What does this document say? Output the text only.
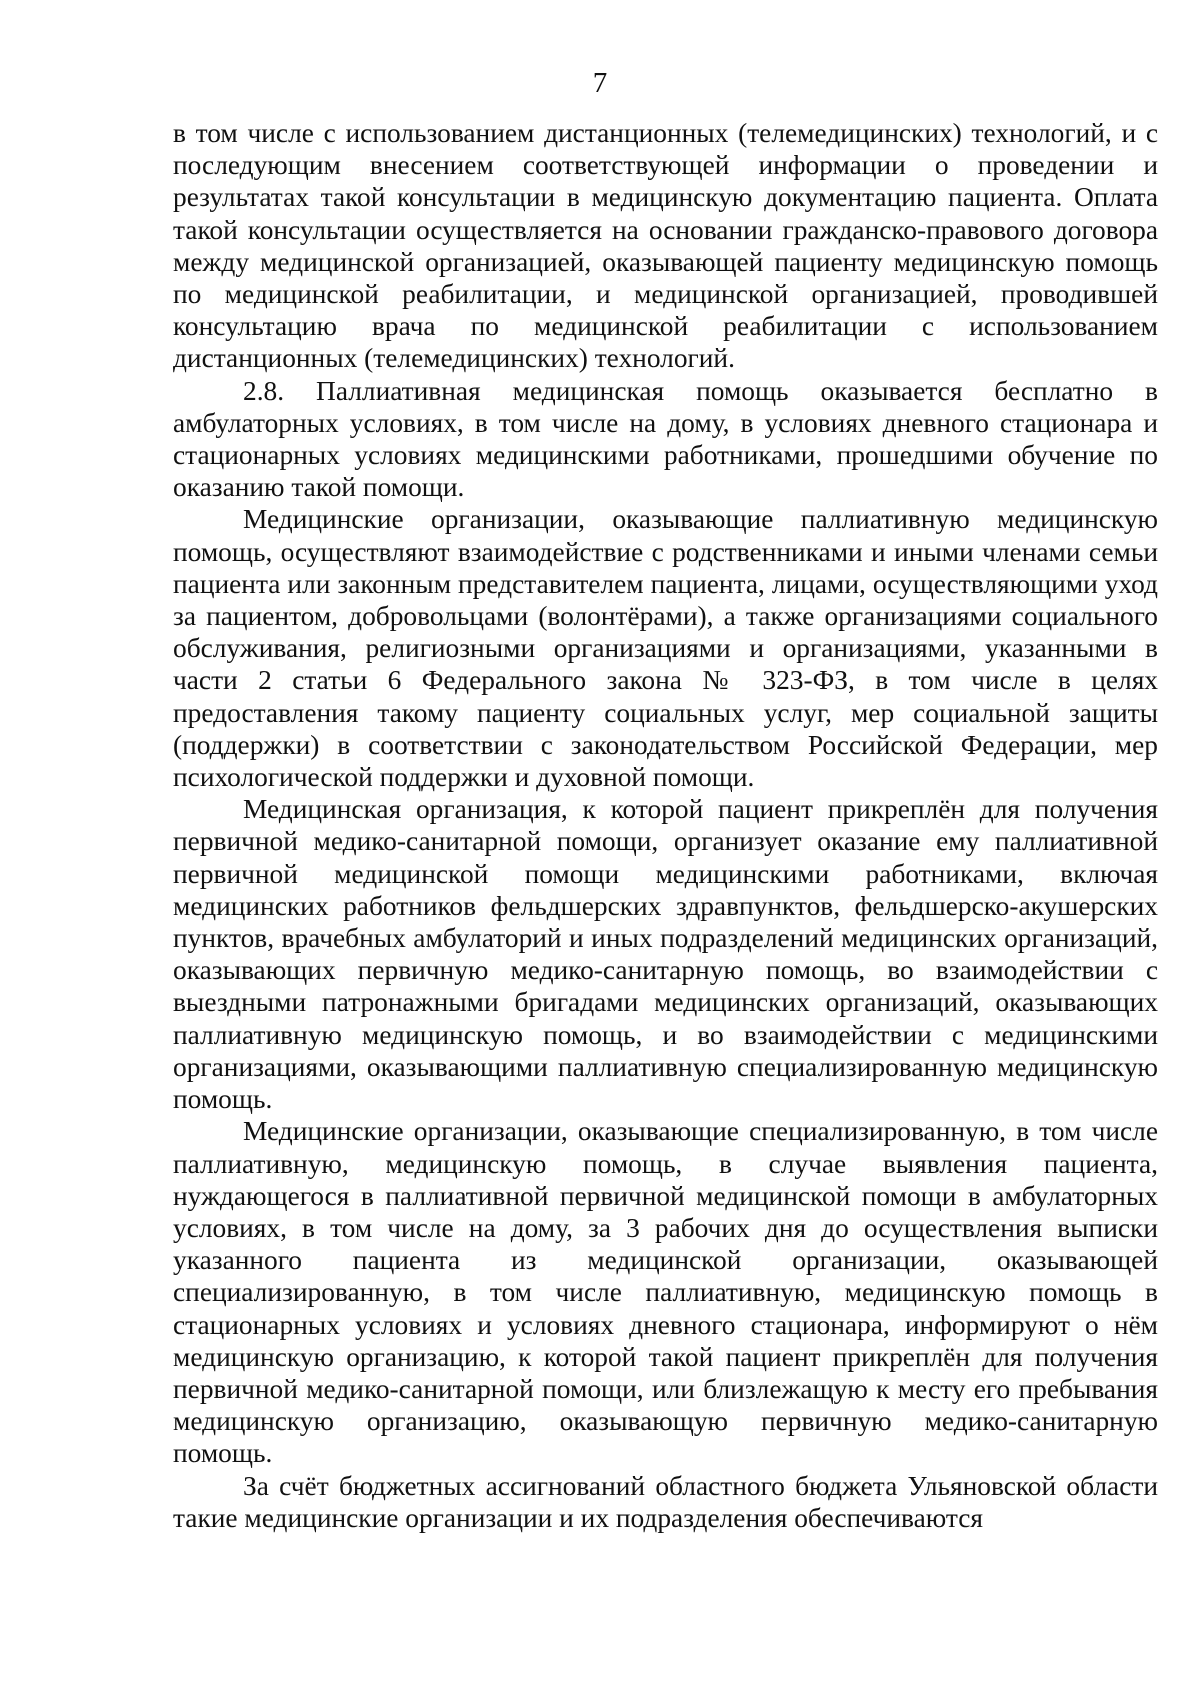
7

в том числе с использованием дистанционных (телемедицинских) технологий, и с последующим внесением соответствующей информации о проведении и результатах такой консультации в медицинскую документацию пациента. Оплата такой консультации осуществляется на основании гражданско-правового договора между медицинской организацией, оказывающей пациенту медицинскую помощь по медицинской реабилитации, и медицинской организацией, проводившей консультацию врача по медицинской реабилитации с использованием дистанционных (телемедицинских) технологий.

2.8. Паллиативная медицинская помощь оказывается бесплатно в амбулаторных условиях, в том числе на дому, в условиях дневного стационара и стационарных условиях медицинскими работниками, прошедшими обучение по оказанию такой помощи.

Медицинские организации, оказывающие паллиативную медицинскую помощь, осуществляют взаимодействие с родственниками и иными членами семьи пациента или законным представителем пациента, лицами, осуществляющими уход за пациентом, добровольцами (волонтёрами), а также организациями социального обслуживания, религиозными организациями и организациями, указанными в части 2 статьи 6 Федерального закона № 323-ФЗ, в том числе в целях предоставления такому пациенту социальных услуг, мер социальной защиты (поддержки) в соответствии с законодательством Российской Федерации, мер психологической поддержки и духовной помощи.

Медицинская организация, к которой пациент прикреплён для получения первичной медико-санитарной помощи, организует оказание ему паллиативной первичной медицинской помощи медицинскими работниками, включая медицинских работников фельдшерских здравпунктов, фельдшерско-акушерских пунктов, врачебных амбулаторий и иных подразделений медицинских организаций, оказывающих первичную медико-санитарную помощь, во взаимодействии с выездными патронажными бригадами медицинских организаций, оказывающих паллиативную медицинскую помощь, и во взаимодействии с медицинскими организациями, оказывающими паллиативную специализированную медицинскую помощь.

Медицинские организации, оказывающие специализированную, в том числе паллиативную, медицинскую помощь, в случае выявления пациента, нуждающегося в паллиативной первичной медицинской помощи в амбулаторных условиях, в том числе на дому, за 3 рабочих дня до осуществления выписки указанного пациента из медицинской организации, оказывающей специализированную, в том числе паллиативную, медицинскую помощь в стационарных условиях и условиях дневного стационара, информируют о нём медицинскую организацию, к которой такой пациент прикреплён для получения первичной медико-санитарной помощи, или близлежащую к месту его пребывания медицинскую организацию, оказывающую первичную медико-санитарную помощь.

За счёт бюджетных ассигнований областного бюджета Ульяновской области такие медицинские организации и их подразделения обеспечиваются
